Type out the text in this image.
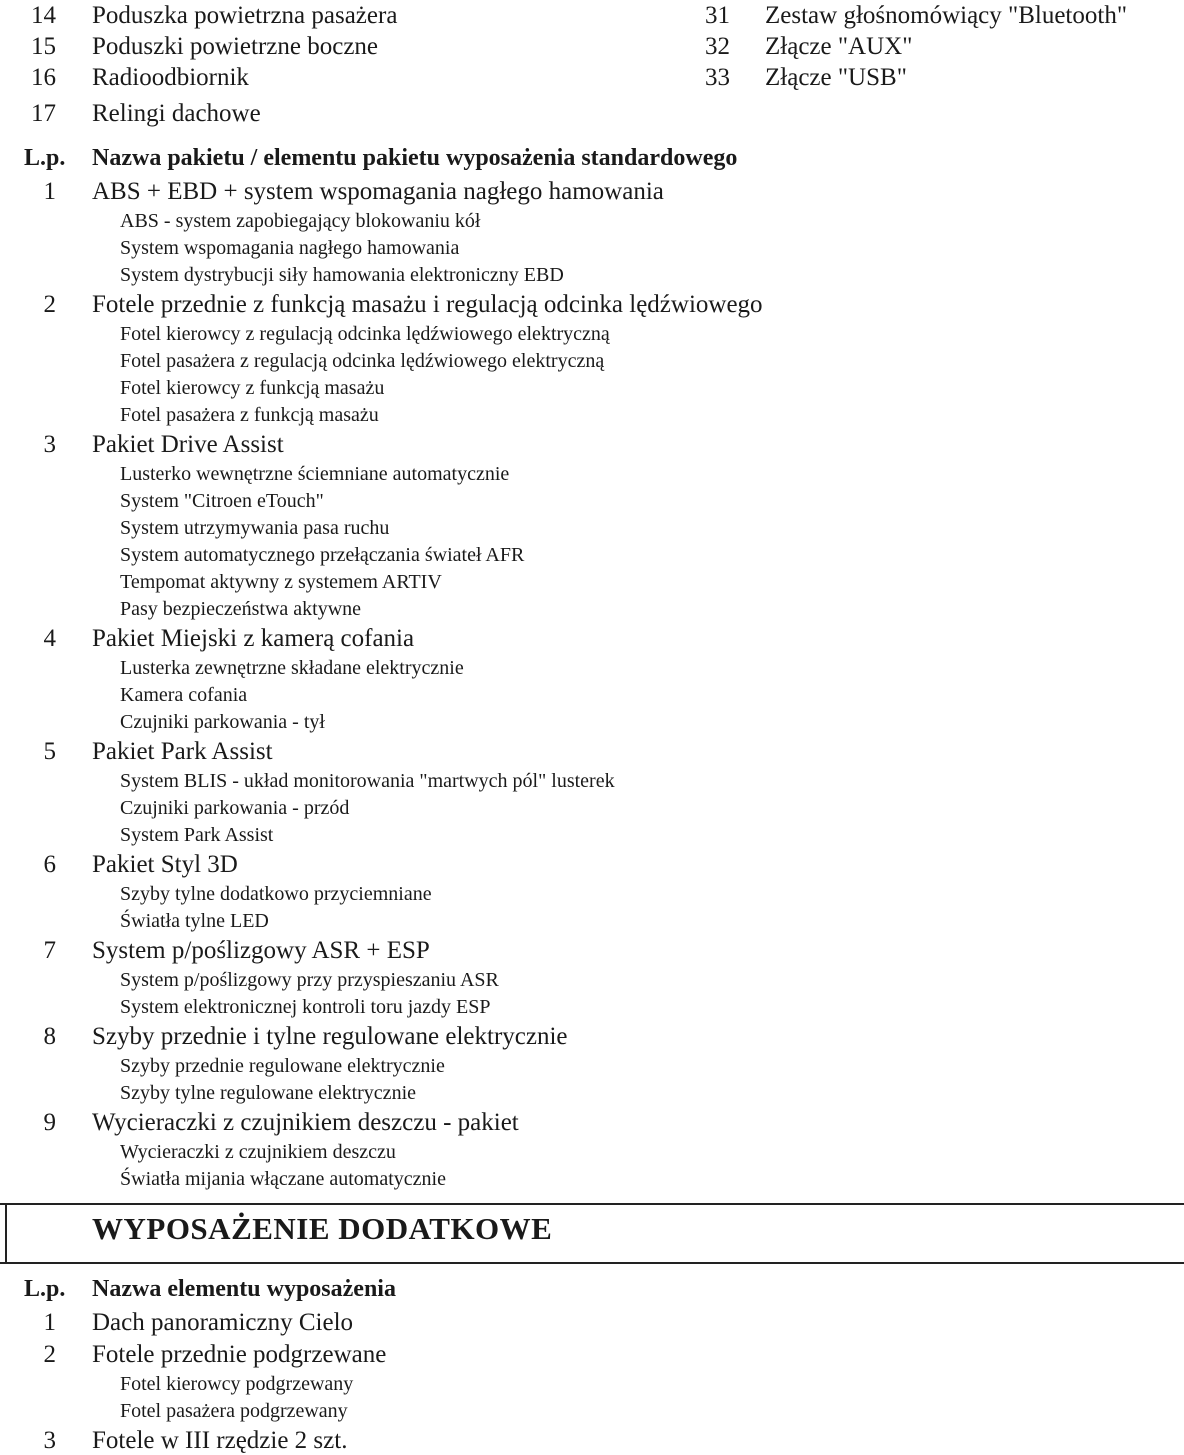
14 Poduszka powietrzna pasażera
15 Poduszki powietrzne boczne
16 Radioodbiornik
17 Relingi dachowe
31 Zestaw głośnomówiący "Bluetooth"
32 Złącze "AUX"
33 Złącze "USB"
L.p. Nazwa pakietu / elementu pakietu wyposażenia standardowego
1 ABS + EBD + system wspomagania nagłego hamowania
ABS - system zapobiegający blokowaniu kół
System wspomagania nagłego hamowania
System dystrybucji siły hamowania elektroniczny EBD
2 Fotele przednie z funkcją masażu i regulacją odcinka lędźwiowego
Fotel kierowcy z regulacją odcinka lędźwiowego elektryczną
Fotel pasażera z regulacją odcinka lędźwiowego elektryczną
Fotel kierowcy z funkcją masażu
Fotel pasażera z funkcją masażu
3 Pakiet Drive Assist
Lusterko wewnętrzne ściemniane automatycznie
System "Citroen eTouch"
System utrzymywania pasa ruchu
System automatycznego przełączania świateł AFR
Tempomat aktywny z systemem ARTIV
Pasy bezpieczeństwa aktywne
4 Pakiet Miejski z kamerą cofania
Lusterka zewnętrzne składane elektrycznie
Kamera cofania
Czujniki parkowania - tył
5 Pakiet Park Assist
System BLIS - układ monitorowania "martwych pól" lusterek
Czujniki parkowania - przód
System Park Assist
6 Pakiet Styl 3D
Szyby tylne dodatkowo przyciemniane
Światła tylne LED
7 System p/poślizgowy ASR + ESP
System p/poślizgowy przy przyspieszaniu ASR
System elektronicznej kontroli toru jazdy ESP
8 Szyby przednie i tylne regulowane elektrycznie
Szyby przednie regulowane elektrycznie
Szyby tylne regulowane elektrycznie
9 Wycieraczki z czujnikiem deszczu - pakiet
Wycieraczki z czujnikiem deszczu
Światła mijania włączane automatycznie
WYPOSAŻENIE DODATKOWE
L.p. Nazwa elementu wyposażenia
1 Dach panoramiczny Cielo
2 Fotele przednie podgrzewane
Fotel kierowcy podgrzewany
Fotel pasażera podgrzewany
3 Fotele w III rzędzie 2 szt.
